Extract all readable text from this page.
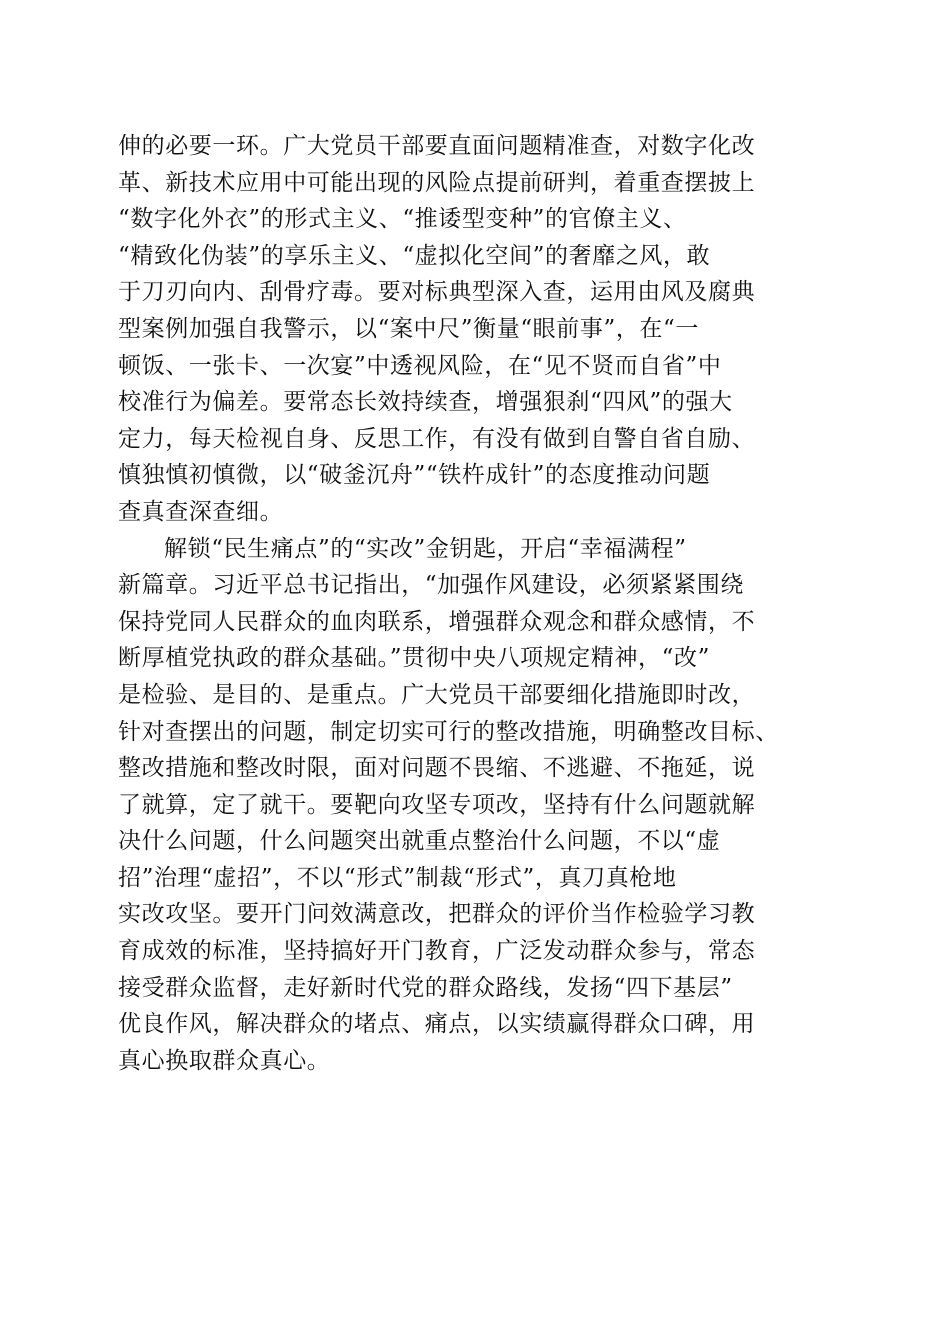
伸的必要一环。广大党员干部要直面问题精准查，对数字化改
革、新技术应用中可能出现的风险点提前研判，着重查摆披上
“数字化外衣”的形式主义、“推诿型变种”的官僚主义、
“精致化伪装”的享乐主义、“虚拟化空间”的奢靡之风，敢
于刀刃向内、刮骨疗毒。要对标典型深入查，运用由风及腐典
型案例加强自我警示，以“案中尺”衡量“眼前事”，在“一
顿饭、一张卡、一次宴”中透视风险，在“见不贤而自省”中
校准行为偏差。要常态长效持续查，增强狠刹“四风”的强大
定力，每天检视自身、反思工作，有没有做到自警自省自励、
慎独慎初慎微，以“破釜沉舟”“铁杵成针”的态度推动问题
查真查深查细。
解锁“民生痛点”的“实改”金钥匙，开启“幸福满程”
新篇章。习近平总书记指出，“加强作风建设，必须紧紧围绕
保持党同人民群众的血肉联系，增强群众观念和群众感情，不
断厚植党执政的群众基础。”贯彻中央八项规定精神，“改”
是检验、是目的、是重点。广大党员干部要细化措施即时改，
针对查摆出的问题，制定切实可行的整改措施，明确整改目标、
整改措施和整改时限，面对问题不畏缩、不逃避、不拖延，说
了就算，定了就干。要靶向攻坚专项改，坚持有什么问题就解
决什么问题，什么问题突出就重点整治什么问题，不以“虚
招”治理“虚招”，不以“形式”制裁“形式”，真刀真枪地
实改攻坚。要开门问效满意改，把群众的评价当作检验学习教
育成效的标准，坚持搞好开门教育，广泛发动群众参与，常态
接受群众监督，走好新时代党的群众路线，发扬“四下基层”
优良作风，解决群众的堵点、痛点，以实绩赢得群众口碑，用
真心换取群众真心。
